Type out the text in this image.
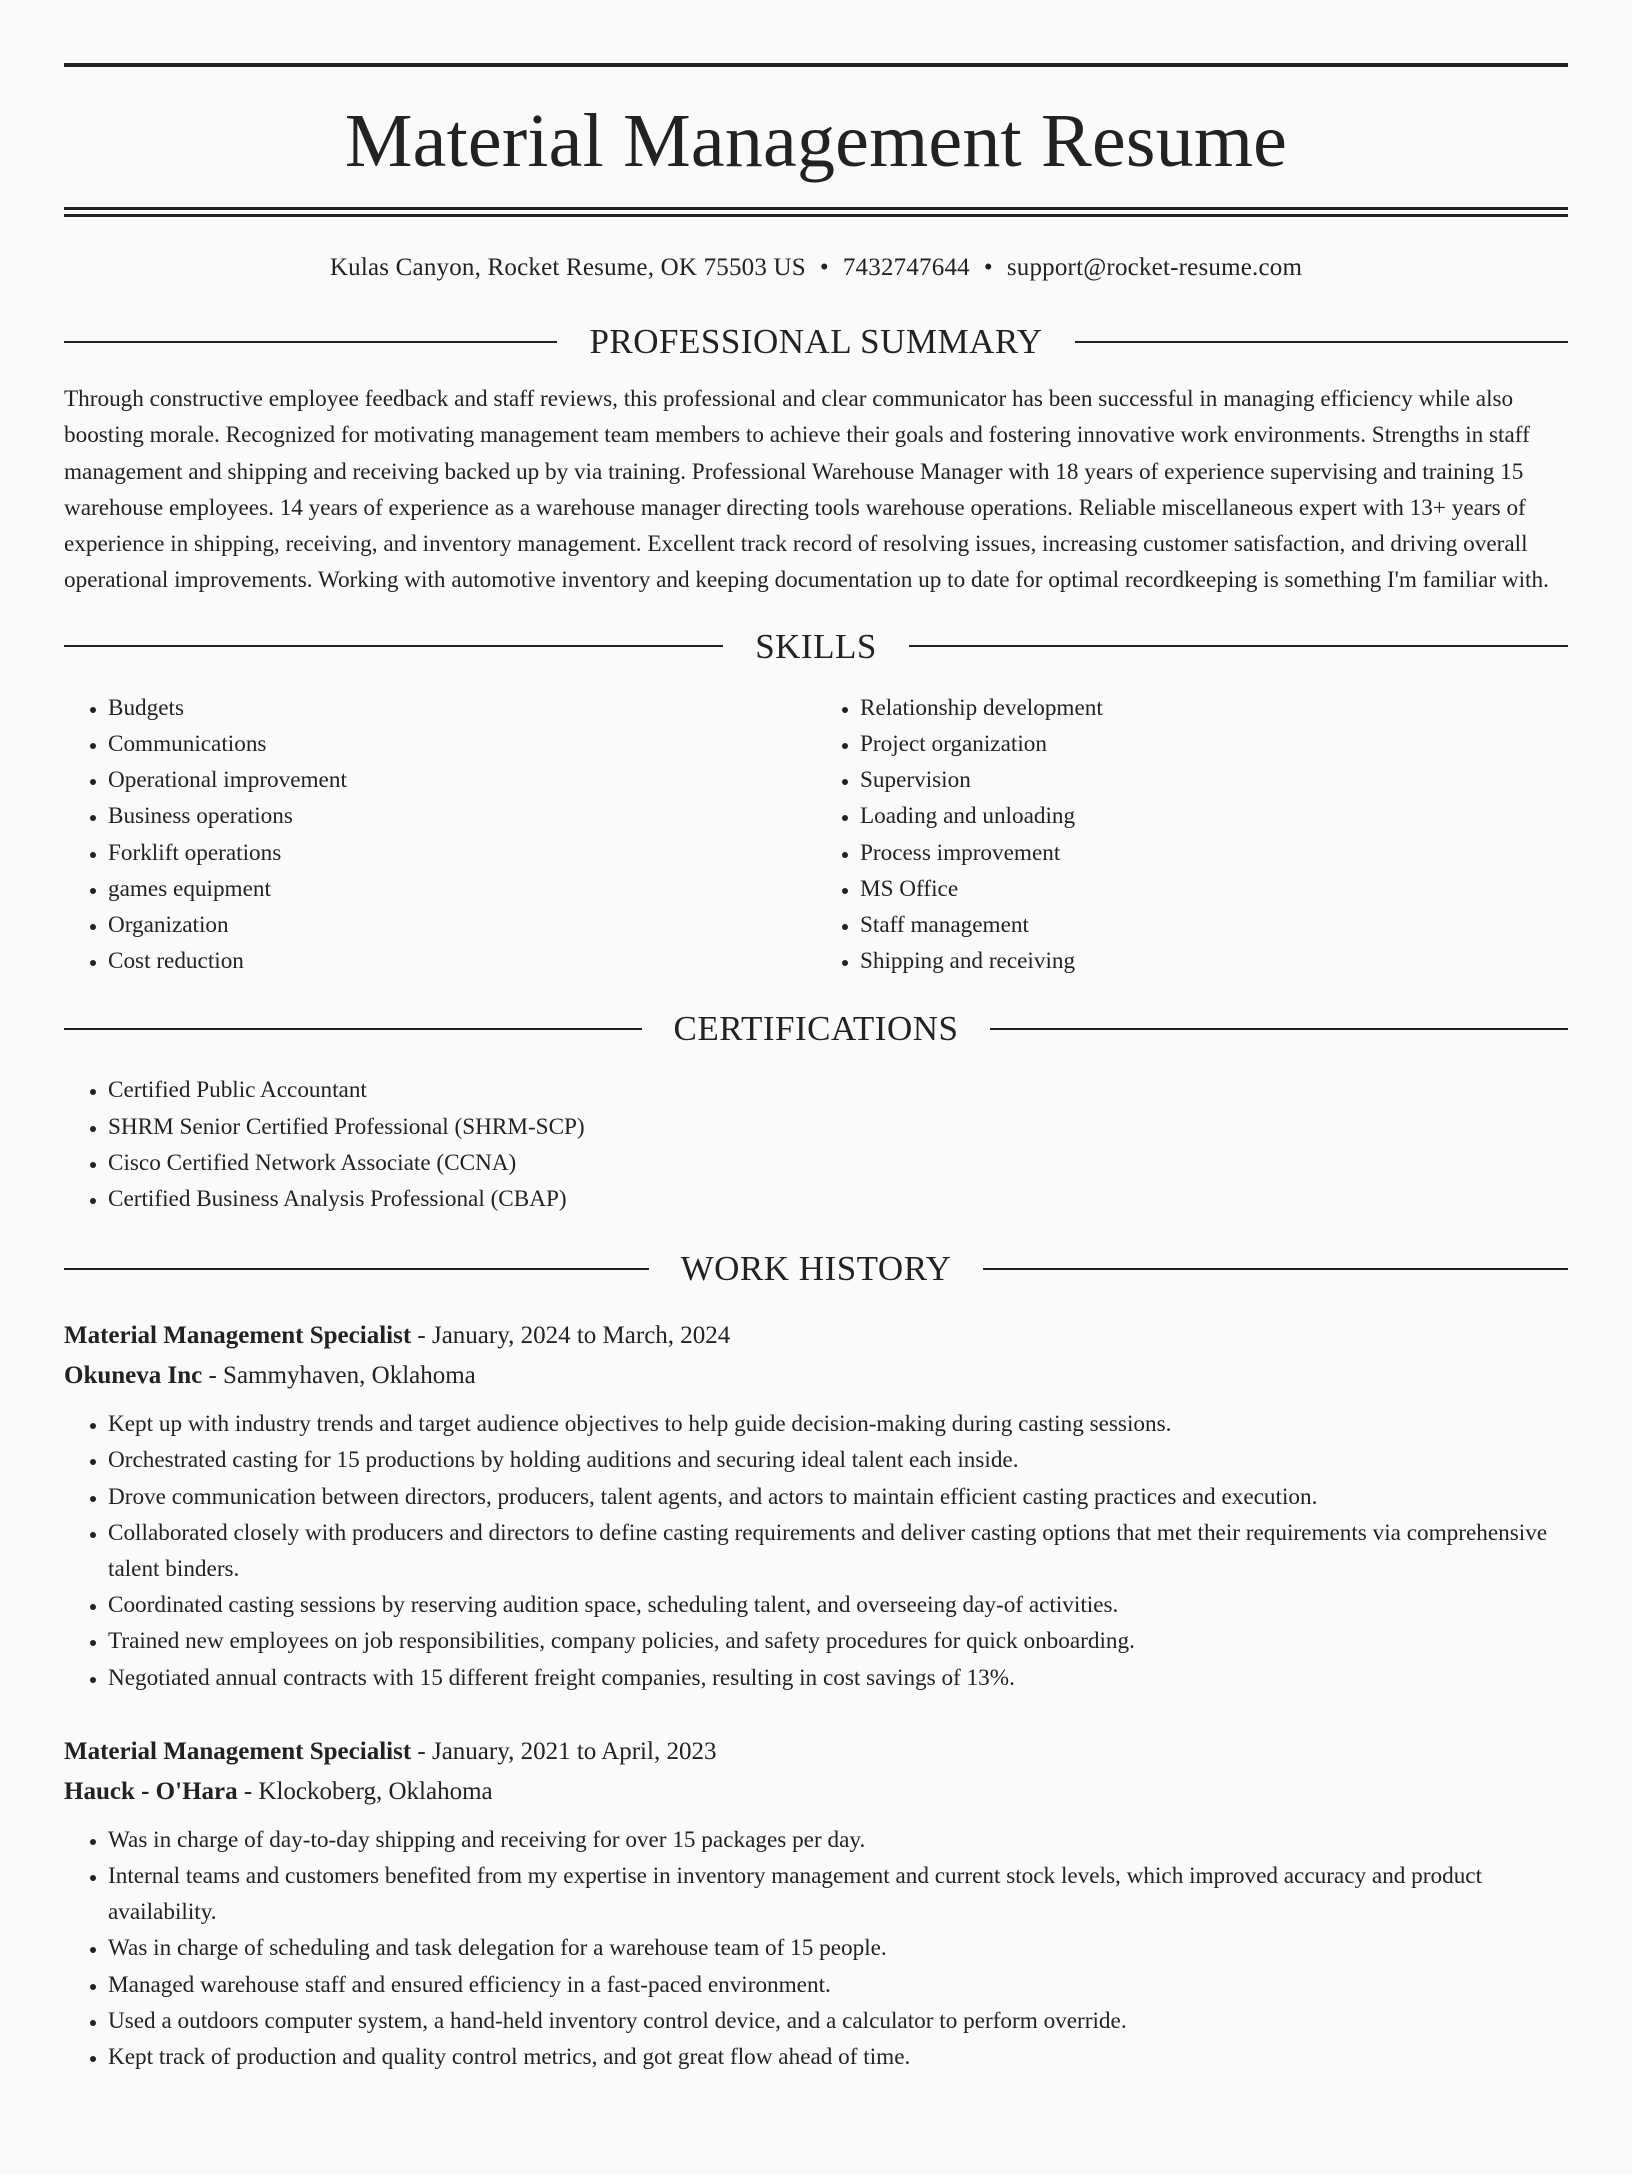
Material Management Resume
Kulas Canyon, Rocket Resume, OK 75503 US • 7432747644 • support@rocket-resume.com
PROFESSIONAL SUMMARY

Through constructive employee feedback and staff reviews, this professional and clear communicator has been successful in managing efficiency while also boosting morale. Recognized for motivating management team members to achieve their goals and fostering innovative work environments. Strengths in staff management and shipping and receiving backed up by via training. Professional Warehouse Manager with 18 years of experience supervising and training 15 warehouse employees. 14 years of experience as a warehouse manager directing tools warehouse operations. Reliable miscellaneous expert with 13+ years of experience in shipping, receiving, and inventory management. Excellent track record of resolving issues, increasing customer satisfaction, and driving overall operational improvements. Working with automotive inventory and keeping documentation up to date for optimal recordkeeping is something I'm familiar with.

SKILLS
• Budgets
• Communications
• Operational improvement
• Business operations
• Forklift operations
• games equipment
• Organization
• Cost reduction
• Relationship development
• Project organization
• Supervision
• Loading and unloading
• Process improvement
• MS Office
• Staff management
• Shipping and receiving
CERTIFICATIONS
• Certified Public Accountant
• SHRM Senior Certified Professional (SHRM-SCP)
• Cisco Certified Network Associate (CCNA)
• Certified Business Analysis Professional (CBAP)
WORK HISTORY
Material Management Specialist - January, 2024 to March, 2024
Okuneva Inc - Sammyhaven, Oklahoma
• Kept up with industry trends and target audience objectives to help guide decision-making during casting sessions.
• Orchestrated casting for 15 productions by holding auditions and securing ideal talent each inside.
• Drove communication between directors, producers, talent agents, and actors to maintain efficient casting practices and execution.
• Collaborated closely with producers and directors to define casting requirements and deliver casting options that met their requirements via comprehensive talent binders.
• Coordinated casting sessions by reserving audition space, scheduling talent, and overseeing day-of activities.
• Trained new employees on job responsibilities, company policies, and safety procedures for quick onboarding.
• Negotiated annual contracts with 15 different freight companies, resulting in cost savings of 13%.
Material Management Specialist - January, 2021 to April, 2023
Hauck - O'Hara - Klockoberg, Oklahoma
• Was in charge of day-to-day shipping and receiving for over 15 packages per day.
• Internal teams and customers benefited from my expertise in inventory management and current stock levels, which improved accuracy and product availability.
• Was in charge of scheduling and task delegation for a warehouse team of 15 people.
• Managed warehouse staff and ensured efficiency in a fast-paced environment.
• Used a outdoors computer system, a hand-held inventory control device, and a calculator to perform override.
• Kept track of production and quality control metrics, and got great flow ahead of time.
